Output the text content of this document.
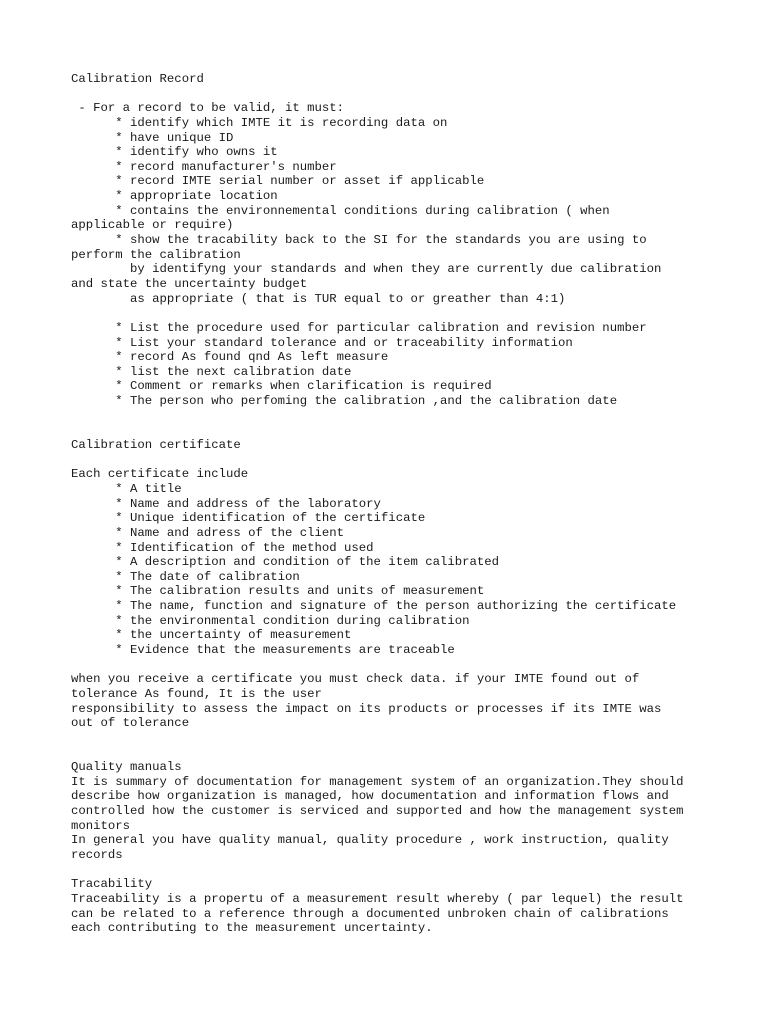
Calibration Record
- For a record to be valid, it must:
* identify which IMTE it is recording data on
* have unique ID
* identify who owns it
* record manufacturer's number
* record IMTE serial number or asset if applicable
* appropriate location
* contains the environnemental conditions during calibration ( when
applicable or require)
* show the tracability back to the SI for the standards you are using to
perform the calibration
by identifyng your standards and when they are currently due calibration
and state the uncertainty budget
as appropriate ( that is TUR equal to or greather than 4:1)
* List the procedure used for particular calibration and revision number
* List your standard tolerance and or traceability information
* record As found qnd As left measure
* list the next calibration date
* Comment or remarks when clarification is required
* The person who perfoming the calibration ,and the calibration date
Calibration certificate
Each certificate include
* A title
* Name and address of the laboratory
* Unique identification of the certificate
* Name and adress of the client
* Identification of the method used
* A description and condition of the item calibrated
* The date of calibration
* The calibration results and units of measurement
* The name, function and signature of the person authorizing the certificate
* the environmental condition during calibration
* the uncertainty of measurement
* Evidence that the measurements are traceable
when you receive a certificate you must check data. if your IMTE found out of
tolerance As found, It is the user
responsibility to assess the impact on its products or processes if its IMTE was
out of tolerance
Quality manuals
It is summary of documentation for management system of an organization.They should
describe how organization is managed, how documentation and information flows and
controlled how the customer is serviced and supported and how the management system
monitors
In general you have quality manual, quality procedure , work instruction, quality
records
Tracability
Traceability is a propertu of a measurement result whereby ( par lequel) the result
can be related to a reference through a documented unbroken chain of calibrations
each contributing to the measurement uncertainty.
